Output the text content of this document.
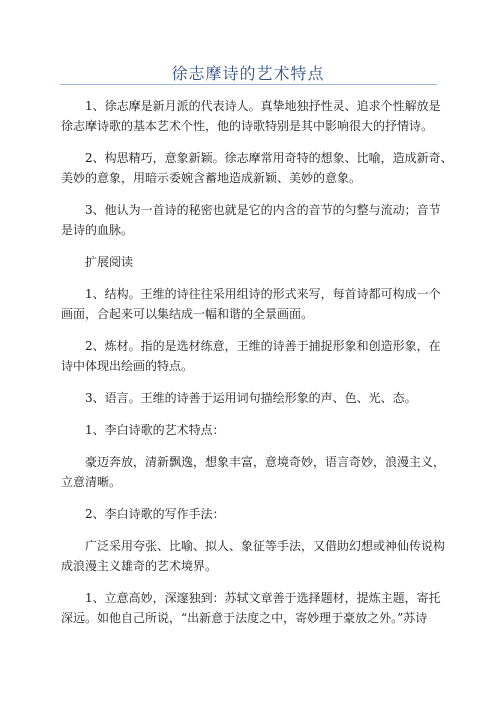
徐志摩诗的艺术特点

1、徐志摩是新月派的代表诗人。真挚地独抒性灵、追求个性解放是
徐志摩诗歌的基本艺术个性，他的诗歌特别是其中影响很大的抒情诗。

2、构思精巧，意象新颖。徐志摩常用奇特的想象、比喻，造成新奇、
美妙的意象，用暗示委婉含蓄地造成新颖、美妙的意象。

3、他认为一首诗的秘密也就是它的内含的音节的匀整与流动；音节
是诗的血脉。

扩展阅读

1、结构。王维的诗往往采用组诗的形式来写，每首诗都可构成一个
画面，合起来可以集结成一幅和谐的全景画面。

2、炼材。指的是选材练意，王维的诗善于捕捉形象和创造形象，在
诗中体现出绘画的特点。

3、语言。王维的诗善于运用词句描绘形象的声、色、光、态。

1、李白诗歌的艺术特点：

豪迈奔放，清新飘逸，想象丰富，意境奇妙，语言奇妙，浪漫主义，
立意清晰。

2、李白诗歌的写作手法：

广泛采用夸张、比喻、拟人、象征等手法，又借助幻想或神仙传说构
成浪漫主义雄奇的艺术境界。

1、立意高妙，深邃独到：苏轼文章善于选择题材，提炼主题，寄托
深远。如他自己所说，“出新意于法度之中，寄妙理于豪放之外。”苏诗
